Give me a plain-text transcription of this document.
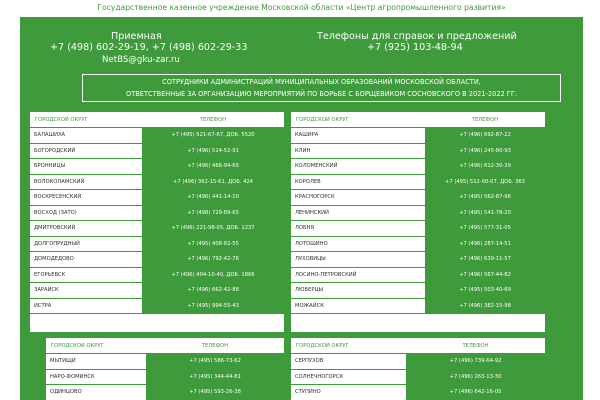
Государственное казенное учреждение Московской области «Центр агропромышленного развития»
Приемная
+7 (498) 602-29-19, +7 (498) 602-29-33
NetBS@gku-zar.ru
Телефоны для справок и предложений
+7 (925) 103-48-94
СОТРУДНИКИ АДМИНИСТРАЦИЙ МУНИЦИПАЛЬНЫХ ОБРАЗОВАНИЙ МОСКОВСКОЙ ОБЛАСТИ,
ОТВЕТСТВЕННЫЕ ЗА ОРГАНИЗАЦИЮ МЕРОПРИЯТИЙ ПО БОРЬБЕ С БОРЩЕВИКОМ СОСНОВСКОГО В 2021-2022 ГГ.
ГОРОДСКОЙ ОКРУГ	ТЕЛЕФОН
БАЛАШИХА	+7 (495) 521-67-67, ДОБ. 5520
БОГОРОДСКИЙ	+7 (496) 514-52-91
БРОННИЦЫ	+7 (496) 466-94-65
ВОЛОКОЛАМСКИЙ	+7 (496) 362-15-61, ДОБ. 424
ВОСКРЕСЕНСКИЙ	+7 (496) 441-14-10
ВОСХОД (ЗАТО)	+7 (498) 729-89-65
ДМИТРОВСКИЙ	+7 (496) 221-98-05, ДОБ. 1237
ДОЛГОПРУДНЫЙ	+7 (495) 408-82-55
ДОМОДЕДОВО	+7 (496) 792-42-76
ЕГОРЬЕВСК	+7 (496) 404-10-40, ДОБ. 1866
ЗАРАЙСК	+7 (496) 662-42-88
ИСТРА	+7 (495) 994-55-43
ГОРОДСКОЙ ОКРУГ	ТЕЛЕФОН
КАШИРА	+7 (496) 692-87-22
КЛИН	+7 (496) 245-80-93
КОЛОМЕНСКИЙ	+7 (496) 612-30-39
КОРОЛЕВ	+7 (495) 512-00-07, ДОБ. 363
КРАСНОГОРСК	+7 (495) 562-87-96
ЛЕНИНСКИЙ	+7 (495) 541-78-20
ЛОБНЯ	+7 (495) 577-31-05
ЛОТОШИНО	+7 (496) 287-14-51
ЛУХОВИЦЫ	+7 (496) 639-11-57
ЛОСИНО-ПЕТРОВСКИЙ	+7 (496) 567-44-82
ЛЮБЕРЦЫ	+7 (495) 503-40-69
МОЖАЙСК	+7 (496) 382-15-98
ГОРОДСКОЙ ОКРУГ	ТЕЛЕФОН
МЫТИЩИ	+7 (495) 586-73-62
НАРО-ФОМИНСК	+7 (495) 344-44-81
ОДИНЦОВО	+7 (495) 593-26-38
ГОРОДСКОЙ ОКРУГ	ТЕЛЕФОН
СЕРПУХОВ	+7 (496) 739-64-92
СОЛНЕЧНОГОРСК	+7 (496) 263-13-30
СТУПИНО	+7 (496) 642-16-05
